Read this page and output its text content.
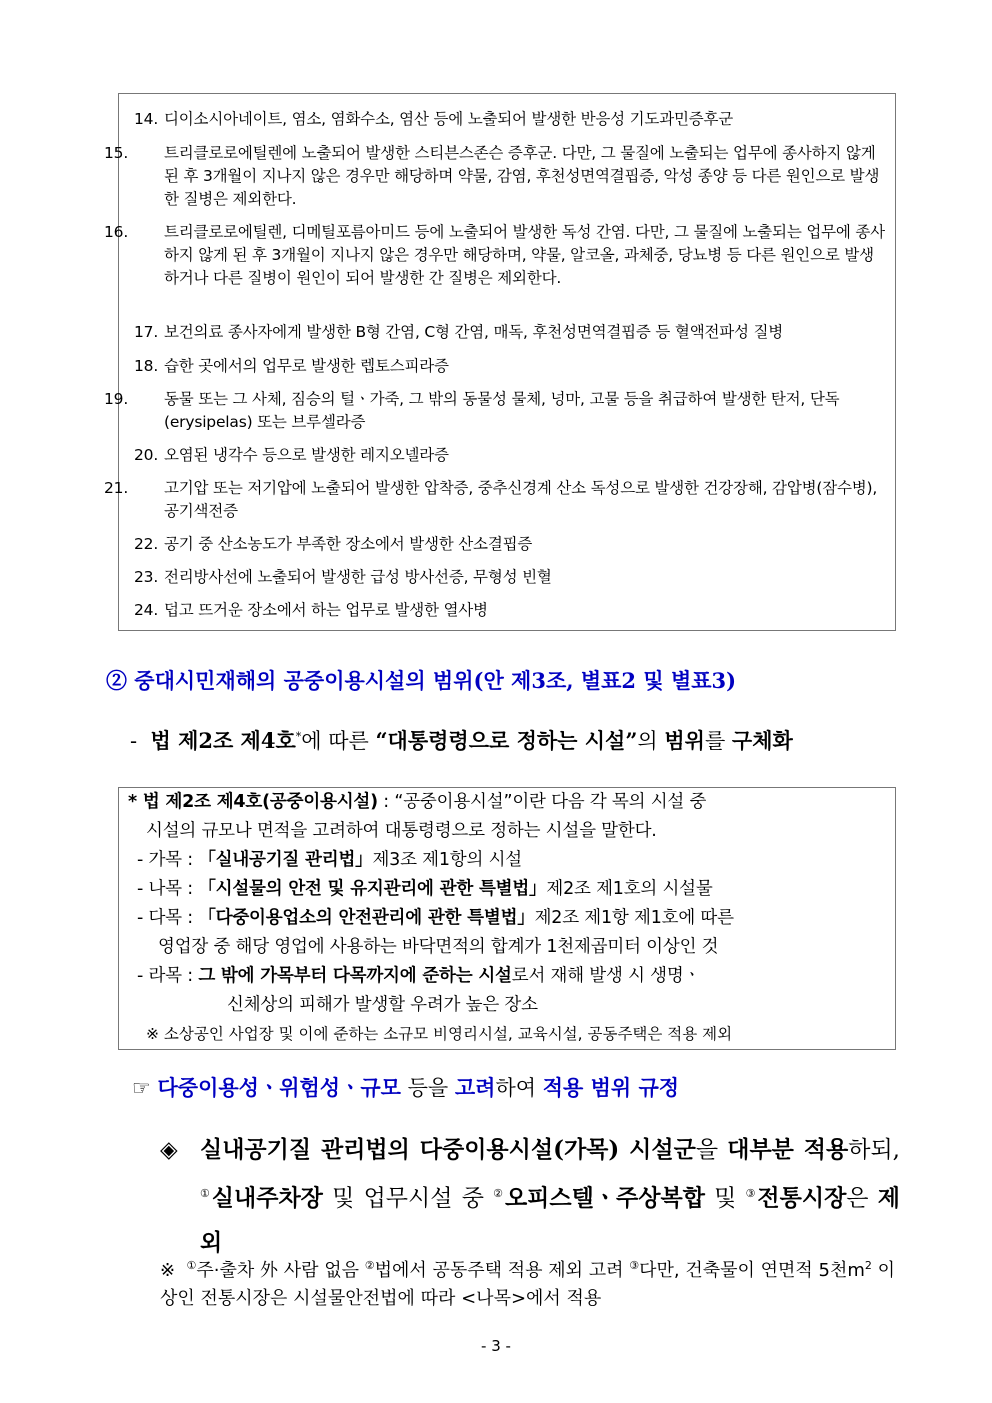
14. 디이소시아네이트, 염소, 염화수소, 염산 등에 노출되어 발생한 반응성 기도과민증후군
15. 트리클로로에틸렌에 노출되어 발생한 스티븐스존슨 증후군. 다만, 그 물질에 노출되는 업무에 종사하지 않게 된 후 3개월이 지나지 않은 경우만 해당하며 약물, 감염, 후천성면역결핍증, 악성 종양 등 다른 원인으로 발생한 질병은 제외한다.
16. 트리클로로에틸렌, 디메틸포름아미드 등에 노출되어 발생한 독성 간염. 다만, 그 물질에 노출되는 업무에 종사하지 않게 된 후 3개월이 지나지 않은 경우만 해당하며, 약물, 알코올, 과체중, 당뇨병 등 다른 원인으로 발생하거나 다른 질병이 원인이 되어 발생한 간 질병은 제외한다.
17. 보건의료 종사자에게 발생한 B형 간염, C형 간염, 매독, 후천성면역결핍증 등 혈액전파성 질병
18. 습한 곳에서의 업무로 발생한 렙토스피라증
19. 동물 또는 그 사체, 짐승의 털ㆍ가죽, 그 밖의 동물성 물체, 넝마, 고물 등을 취급하여 발생한 탄저, 단독(erysipelas) 또는 브루셀라증
20. 오염된 냉각수 등으로 발생한 레지오넬라증
21. 고기압 또는 저기압에 노출되어 발생한 압착증, 중추신경계 산소 독성으로 발생한 건강장해, 감압병(잠수병), 공기색전증
22. 공기 중 산소농도가 부족한 장소에서 발생한 산소결핍증
23. 전리방사선에 노출되어 발생한 급성 방사선증, 무형성 빈혈
24. 덥고 뜨거운 장소에서 하는 업무로 발생한 열사병
② 중대시민재해의 공중이용시설의 범위(안 제3조, 별표2 및 별표3)
- 법 제2조 제4호*에 따른 “대통령령으로 정하는 시설”의 범위를 구체화
* 법 제2조 제4호(공중이용시설) : “공중이용시설”이란 다음 각 목의 시설 중
시설의 규모나 면적을 고려하여 대통령령으로 정하는 시설을 말한다.
- 가목 : 「실내공기질 관리법」제3조 제1항의 시설
- 나목 : 「시설물의 안전 및 유지관리에 관한 특별법」제2조 제1호의 시설물
- 다목 : 「다중이용업소의 안전관리에 관한 특별법」제2조 제1항 제1호에 따른
영업장 중 해당 영업에 사용하는 바닥면적의 합계가 1천제곱미터 이상인 것
- 라목 : 그 밖에 가목부터 다목까지에 준하는 시설로서 재해 발생 시 생명ㆍ
신체상의 피해가 발생할 우려가 높은 장소
※ 소상공인 사업장 및 이에 준하는 소규모 비영리시설, 교육시설, 공동주택은 적용 제외
☞ 다중이용성ㆍ위험성ㆍ규모 등을 고려하여 적용 범위 규정
◈ 실내공기질 관리법의 다중이용시설(가목) 시설군을 대부분 적용하되, ①실내주차장 및 업무시설 중 ②오피스텔ㆍ주상복합 및 ③전통시장은 제외
※ ①주·출차 外 사람 없음 ②법에서 공동주택 적용 제외 고려 ③다만, 건축물이 연면적 5천$m^2$ 이상인 전통시장은 시설물안전법에 따라 <나목>에서 적용
- 3 -
